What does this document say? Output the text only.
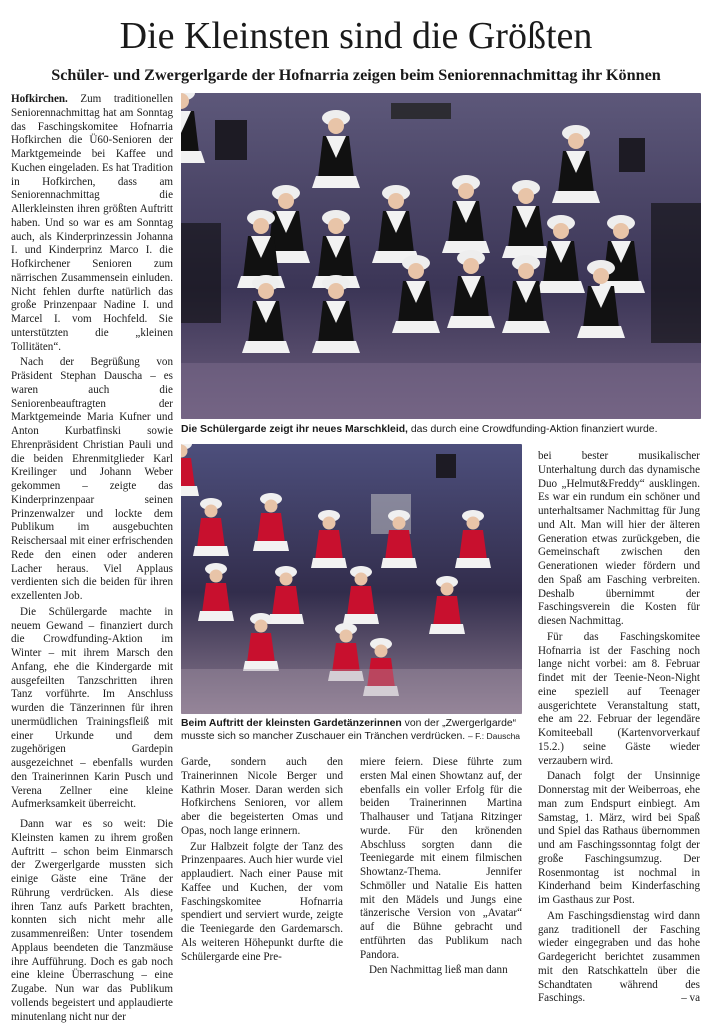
Die Kleinsten sind die Größten
Schüler- und Zwergerlgarde der Hofnarria zeigen beim Seniorennachmittag ihr Können

Hofkirchen. Zum traditionellen Seniorennachmittag hat am Sonntag das Faschingskomitee Hofnarria Hofkirchen die Ü60-Senioren der Marktgemeinde bei Kaffee und Kuchen eingeladen. Es hat Tradition in Hofkirchen, dass am Seniorennachmittag die Allerkleinsten ihren größten Auftritt haben. Und so war es am Sonntag auch, als Kinderprinzessin Johanna I. und Kinderprinz Marco I. die Hofkirchener Senioren zum närrischen Zusammensein einluden. Nicht fehlen durfte natürlich das große Prinzenpaar Nadine I. und Marcel I. vom Hochfeld. Sie unterstützten die „kleinen Tollitäten“.

Nach der Begrüßung von Präsident Stephan Dauscha – es waren auch die Seniorenbeauftragten der Marktgemeinde Maria Kufner und Anton Kurbatfinski sowie Ehrenpräsident Christian Pauli und die beiden Ehrenmitglieder Karl Kreilinger und Johann Weber gekommen – zeigte das Kinderprinzenpaar seinen Prinzenwalzer und lockte dem Publikum im ausgebuchten Reischersaal mit einer erfrischenden Rede den einen oder anderen Lacher heraus. Viel Applaus verdienten sich die beiden für ihren exzellenten Job.

Die Schülergarde machte in neuem Gewand – finanziert durch die Crowdfunding-Aktion im Winter – mit ihrem Marsch den Anfang, ehe die Kindergarde mit ausgefeilten Tanzschritten ihren Tanz vorführte. Im Anschluss wurden die Tänzerinnen für ihren unermüdlichen Trainingsfleiß mit einer Urkunde und dem zugehörigen Gardepin ausgezeichnet – ebenfalls wurden den Trainerinnen Karin Pusch und Verena Zellner eine kleine Aufmerksamkeit überreicht.

Dann war es so weit: Die Kleinsten kamen zu ihrem großen Auftritt – schon beim Einmarsch der Zwergerlgarde mussten sich einige Gäste eine Träne der Rührung verdrücken. Als diese ihren Tanz aufs Parkett brachten, konnten sich nicht mehr alle zusammenreißen: Unter tosendem Applaus beendeten die Tanzmäuse ihre Aufführung. Doch es gab noch eine kleine Überraschung – eine Zugabe. Nun war das Publikum vollends begeistert und applaudierte minutenlang nicht nur der

Die Schülergarde zeigt ihr neues Marschkleid, das durch eine Crowdfunding-Aktion finanziert wurde.
Beim Auftritt der kleinsten Gardetänzerinnen von der „Zwergerlgarde“ musste sich so mancher Zuschauer ein Tränchen verdrücken. – F.: Dauscha

Garde, sondern auch den Trainerinnen Nicole Berger und Kathrin Moser. Daran werden sich Hofkirchens Senioren, vor allem aber die begeisterten Omas und Opas, noch lange erinnern.

Zur Halbzeit folgte der Tanz des Prinzenpaares. Auch hier wurde viel applaudiert. Nach einer Pause mit Kaffee und Kuchen, der vom Faschingskomitee Hofnarria spendiert und serviert wurde, zeigte die Teeniegarde den Gardemarsch. Als weiteren Höhepunkt durfte die Schülergarde eine Pre-

miere feiern. Diese führte zum ersten Mal einen Showtanz auf, der ebenfalls ein voller Erfolg für die beiden Trainerinnen Martina Thalhauser und Tatjana Ritzinger wurde. Für den krönenden Abschluss sorgten dann die Teeniegarde mit einem filmischen Showtanz-Thema. Jennifer Schmöller und Natalie Eis hatten mit den Mädels und Jungs eine tänzerische Version von „Avatar“ auf die Bühne gebracht und entführten das Publikum nach Pandora.

Den Nachmittag ließ man dann

bei bester musikalischer Unterhaltung durch das dynamische Duo „Helmut&Freddy“ ausklingen. Es war ein rundum ein schöner und unterhaltsamer Nachmittag für Jung und Alt. Man will hier der älteren Generation etwas zurückgeben, die Gemeinschaft zwischen den Generationen wieder fördern und den Spaß am Fasching verbreiten. Deshalb übernimmt der Faschingsverein die Kosten für diesen Nachmittag.

Für das Faschingskomitee Hofnarria ist der Fasching noch lange nicht vorbei: am 8. Februar findet mit der Teenie-Neon-Night eine speziell auf Teenager ausgerichtete Veranstaltung statt, ehe am 22. Februar der legendäre Komiteeball (Kartenvorverkauf 15.2.) seine Gäste wieder verzaubern wird.

Danach folgt der Unsinnige Donnerstag mit der Weiberroas, ehe man zum Endspurt einbiegt. Am Samstag, 1. März, wird bei Spaß und Spiel das Rathaus übernommen und am Faschingssonntag folgt der große Faschingsumzug. Der Rosenmontag ist nochmal in Kinderhand beim Kinderfasching im Gasthaus zur Post.

Am Faschingsdienstag wird dann ganz traditionell der Fasching wieder eingegraben und das hohe Gardegericht berichtet zusammen mit den Ratschkatteln über die Schandtaten während des Faschings.	– va
